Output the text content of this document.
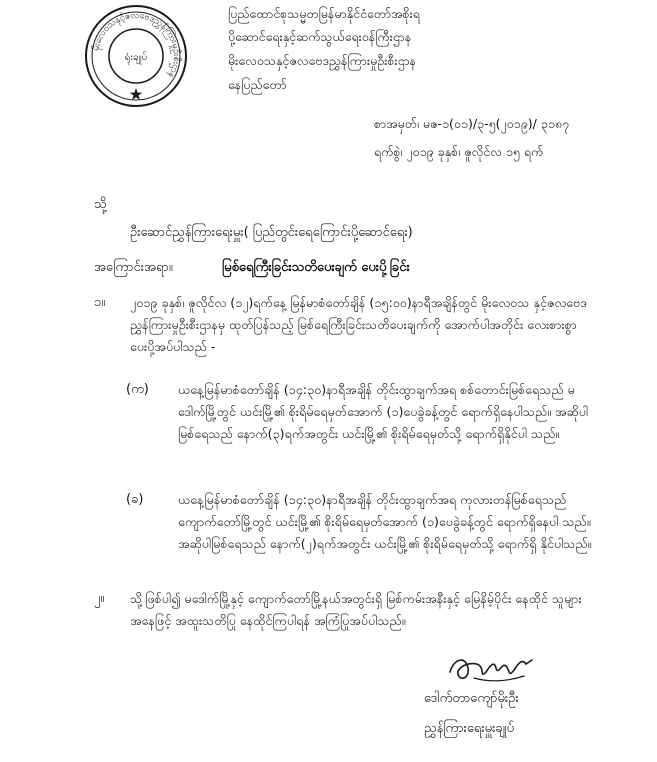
မိုးလေဝသနှင့်ဇလဗေဒညွှန်ကြားမှုဦးစီးဌာန
ရုံးချုပ်
ပြည်ထောင်စုသမ္မတမြန်မာနိုင်ငံတော်အစိုးရ
ပို့ဆောင်ရေးနှင့်ဆက်သွယ်ရေးဝန်ကြီးဌာန
မိုးလေဝသနှင့်ဇလဗေဒညွှန်ကြားမှုဦးစီးဌာန
နေပြည်တော်
စာအမှတ်၊ မဇ-၁(၀၁)/၃-၅(၂၀၁၉)/ ၃၁၈၇
ရက်စွဲ၊ ၂၀၁၉ ခုနှစ်၊ ဇူလိုင်လ ၁၅ ရက်
သို့
ဦးဆောင်ညွှန်ကြားရေးမှူး( ပြည်တွင်းရေကြောင်းပို့ဆောင်ရေး)
အကြောင်းအရာ။	မြစ်ရေကြီးခြင်းသတိပေးချက် ပေးပို့ခြင်း
၁။ ၂၀၁၉ ခုနှစ်၊ ဇူလိုင်လ (၁၂)ရက်နေ့ မြန်မာစံတော်ချိန် (၁၅:၀၀)နာရီအချိန်တွင် မိုးလေဝသ နှင့်ဇလဗေဒညွှန်ကြားမှုဦးစီးဌာနမှ ထုတ်ပြန်သည့် မြစ်ရေကြီးခြင်းသတိပေးချက်ကို အောက်ပါအတိုင်း လေးစားစွာ ပေးပို့အပ်ပါသည် -
(က) ယနေ့မြန်မာစံတော်ချိန် (၁၄:၃၀)နာရီအချိန် တိုင်းထွာချက်အရ စစ်တောင်းမြစ်ရေသည် မဒေါက်မြို့တွင် ယင်းမြို့၏ စိုးရိမ်ရေမှတ်အောက် (၁)ပေခွဲခန့်တွင် ရောက်ရှိနေပါသည်။ အဆိုပါ မြစ်ရေသည် နောက်(၃)ရက်အတွင်း ယင်းမြို့၏ စိုးရိမ်ရေမှတ်သို့ ရောက်ရှိနိုင်ပါ သည်။
(ခ)	ယနေ့မြန်မာစံတော်ချိန် (၁၄:၃၀)နာရီအချိန် တိုင်းထွာချက်အရ ကုလားတန်မြစ်ရေသည် ကျောက်တော်မြို့တွင် ယင်းမြို့၏ စိုးရိမ်ရေမှတ်အောက် (၁)ပေခွဲခန့်တွင် ရောက်ရှိနေပါ သည်။ အဆိုပါမြစ်ရေသည် နောက်(၂)ရက်အတွင်း ယင်းမြို့၏ စိုးရိမ်ရေမှတ်သို့ ရောက်ရှိ နိုင်ပါသည်။
၂။ သို့ဖြစ်ပါ၍ မဒေါက်မြို့နှင့် ကျောက်တော်မြို့နယ်အတွင်းရှိ မြစ်ကမ်းအနီးနှင့် မြေနိမ့်ပိုင်း နေထိုင် သူများအနေဖြင့် အထူးသတိပြု နေထိုင်ကြပါရန် အကြံပြုအပ်ပါသည်။
ဒေါက်တာကျော်မိုးဦး
ညွှန်ကြားရေးမှူးချုပ်
